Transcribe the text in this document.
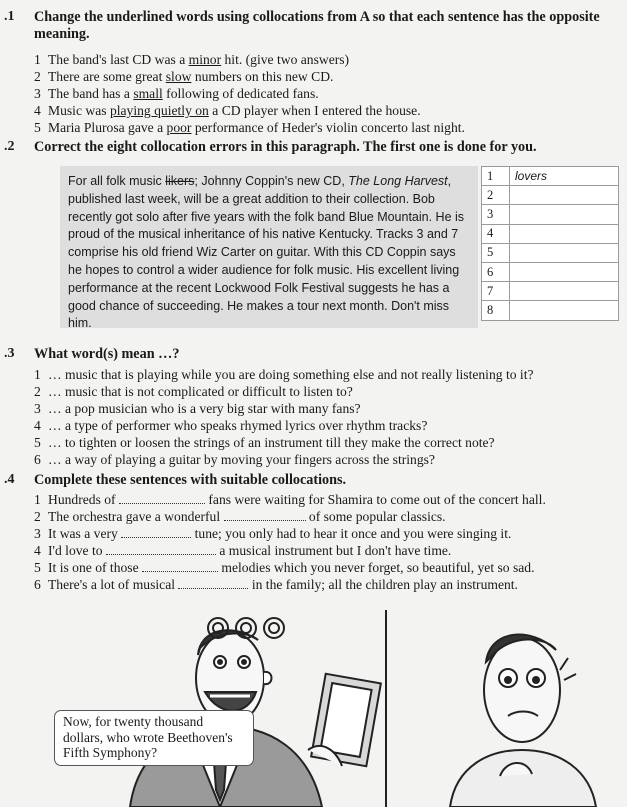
.1 Change the underlined words using collocations from A so that each sentence has the opposite meaning.
1 The band's last CD was a minor hit. (give two answers)
2 There are some great slow numbers on this new CD.
3 The band has a small following of dedicated fans.
4 Music was playing quietly on a CD player when I entered the house.
5 Maria Plurosa gave a poor performance of Heder's violin concerto last night.
.2 Correct the eight collocation errors in this paragraph. The first one is done for you.
For all folk music likers; Johnny Coppin's new CD, The Long Harvest, published last week, will be a great addition to their collection. Bob recently got solo after five years with the folk band Blue Mountain. He is proud of the musical inheritance of his native Kentucky. Tracks 3 and 7 comprise his old friend Wiz Carter on guitar. With this CD Coppin says he hopes to control a wider audience for folk music. His excellent living performance at the recent Lockwood Folk Festival suggests he has a good chance of succeeding. He makes a tour next month. Don't miss him.
1	lovers
2	
3	
4	
5	
6	
7	
8	
.3 What word(s) mean …?
1 … music that is playing while you are doing something else and not really listening to it?
2 … music that is not complicated or difficult to listen to?
3 … a pop musician who is a very big star with many fans?
4 … a type of performer who speaks rhymed lyrics over rhythm tracks?
5 … to tighten or loosen the strings of an instrument till they make the correct note?
6 … a way of playing a guitar by moving your fingers across the strings?
.4 Complete these sentences with suitable collocations.
1 Hundreds of	fans were waiting for Shamira to come out of the concert hall.
2 The orchestra gave a wonderful	of some popular classics.
3 It was a very	tune; you only had to hear it once and you were singing it.
4 I'd love to	a musical instrument but I don't have time.
5 It is one of those	melodies which you never forget, so beautiful, yet so sad.
6 There's a lot of musical	in the family; all the children play an instrument.
Now, for twenty thousand dollars, who wrote Beethoven's Fifth Symphony?
